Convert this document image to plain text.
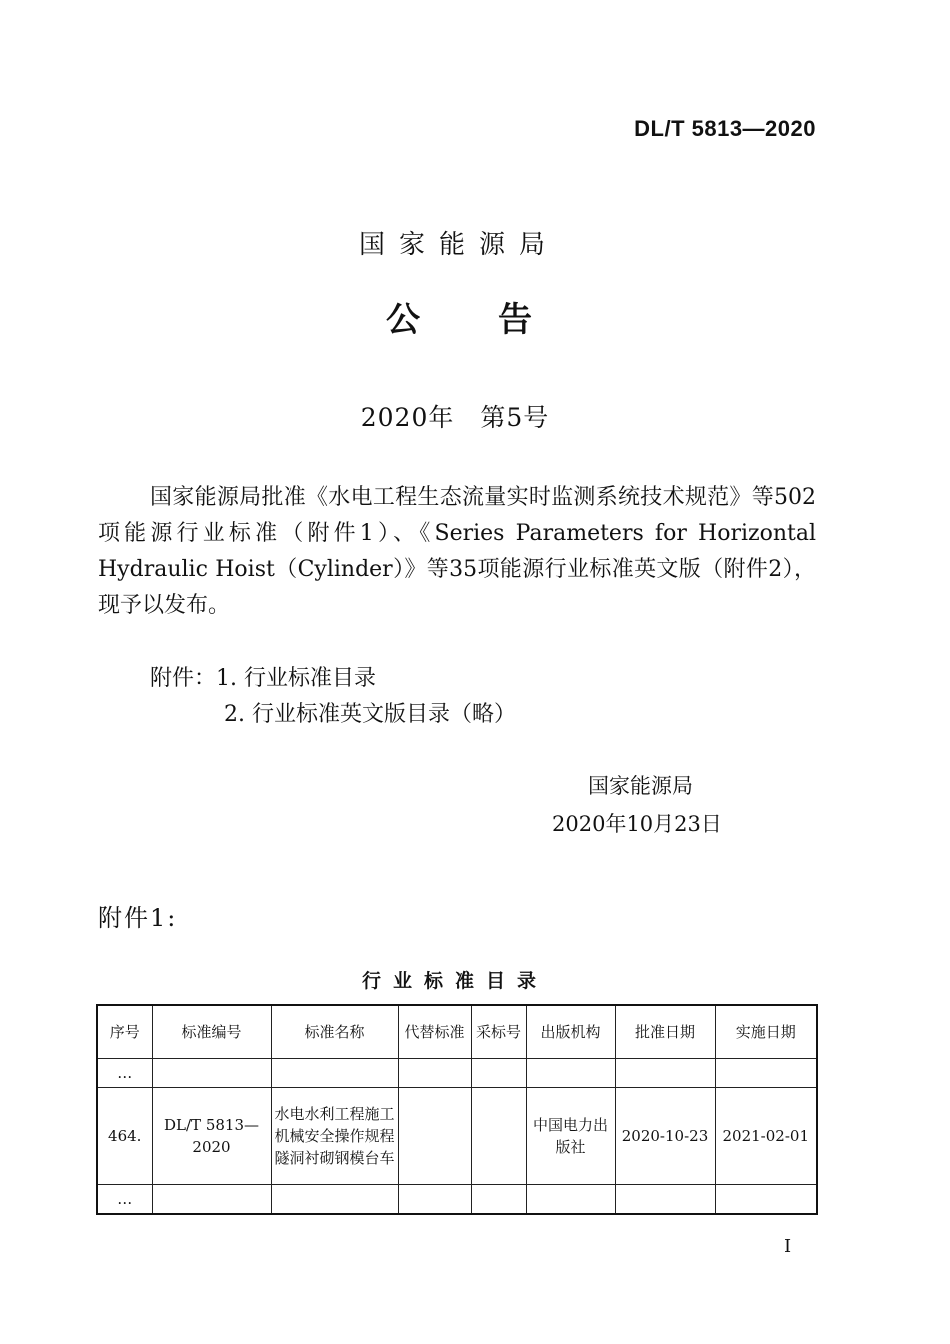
DL/T 5813—2020
国家能源局
公告
2020年　第5号
国家能源局批准《水电工程生态流量实时监测系统技术规范》等502项能源行业标准（附件1）、《Series Parameters for Horizontal Hydraulic Hoist（Cylinder）》等35项能源行业标准英文版（附件2），现予以发布。
附件：1. 行业标准目录
2. 行业标准英文版目录（略）
国家能源局
2020年10月23日
附件1:
行业标准目录
序号	标准编号	标准名称	代替标准	采标号	出版机构	批准日期	实施日期
…							
464.	DL/T 5813—2020	水电水利工程施工机械安全操作规程 隧洞衬砌钢模台车			中国电力出版社	2020-10-23	2021-02-01
…							
I
